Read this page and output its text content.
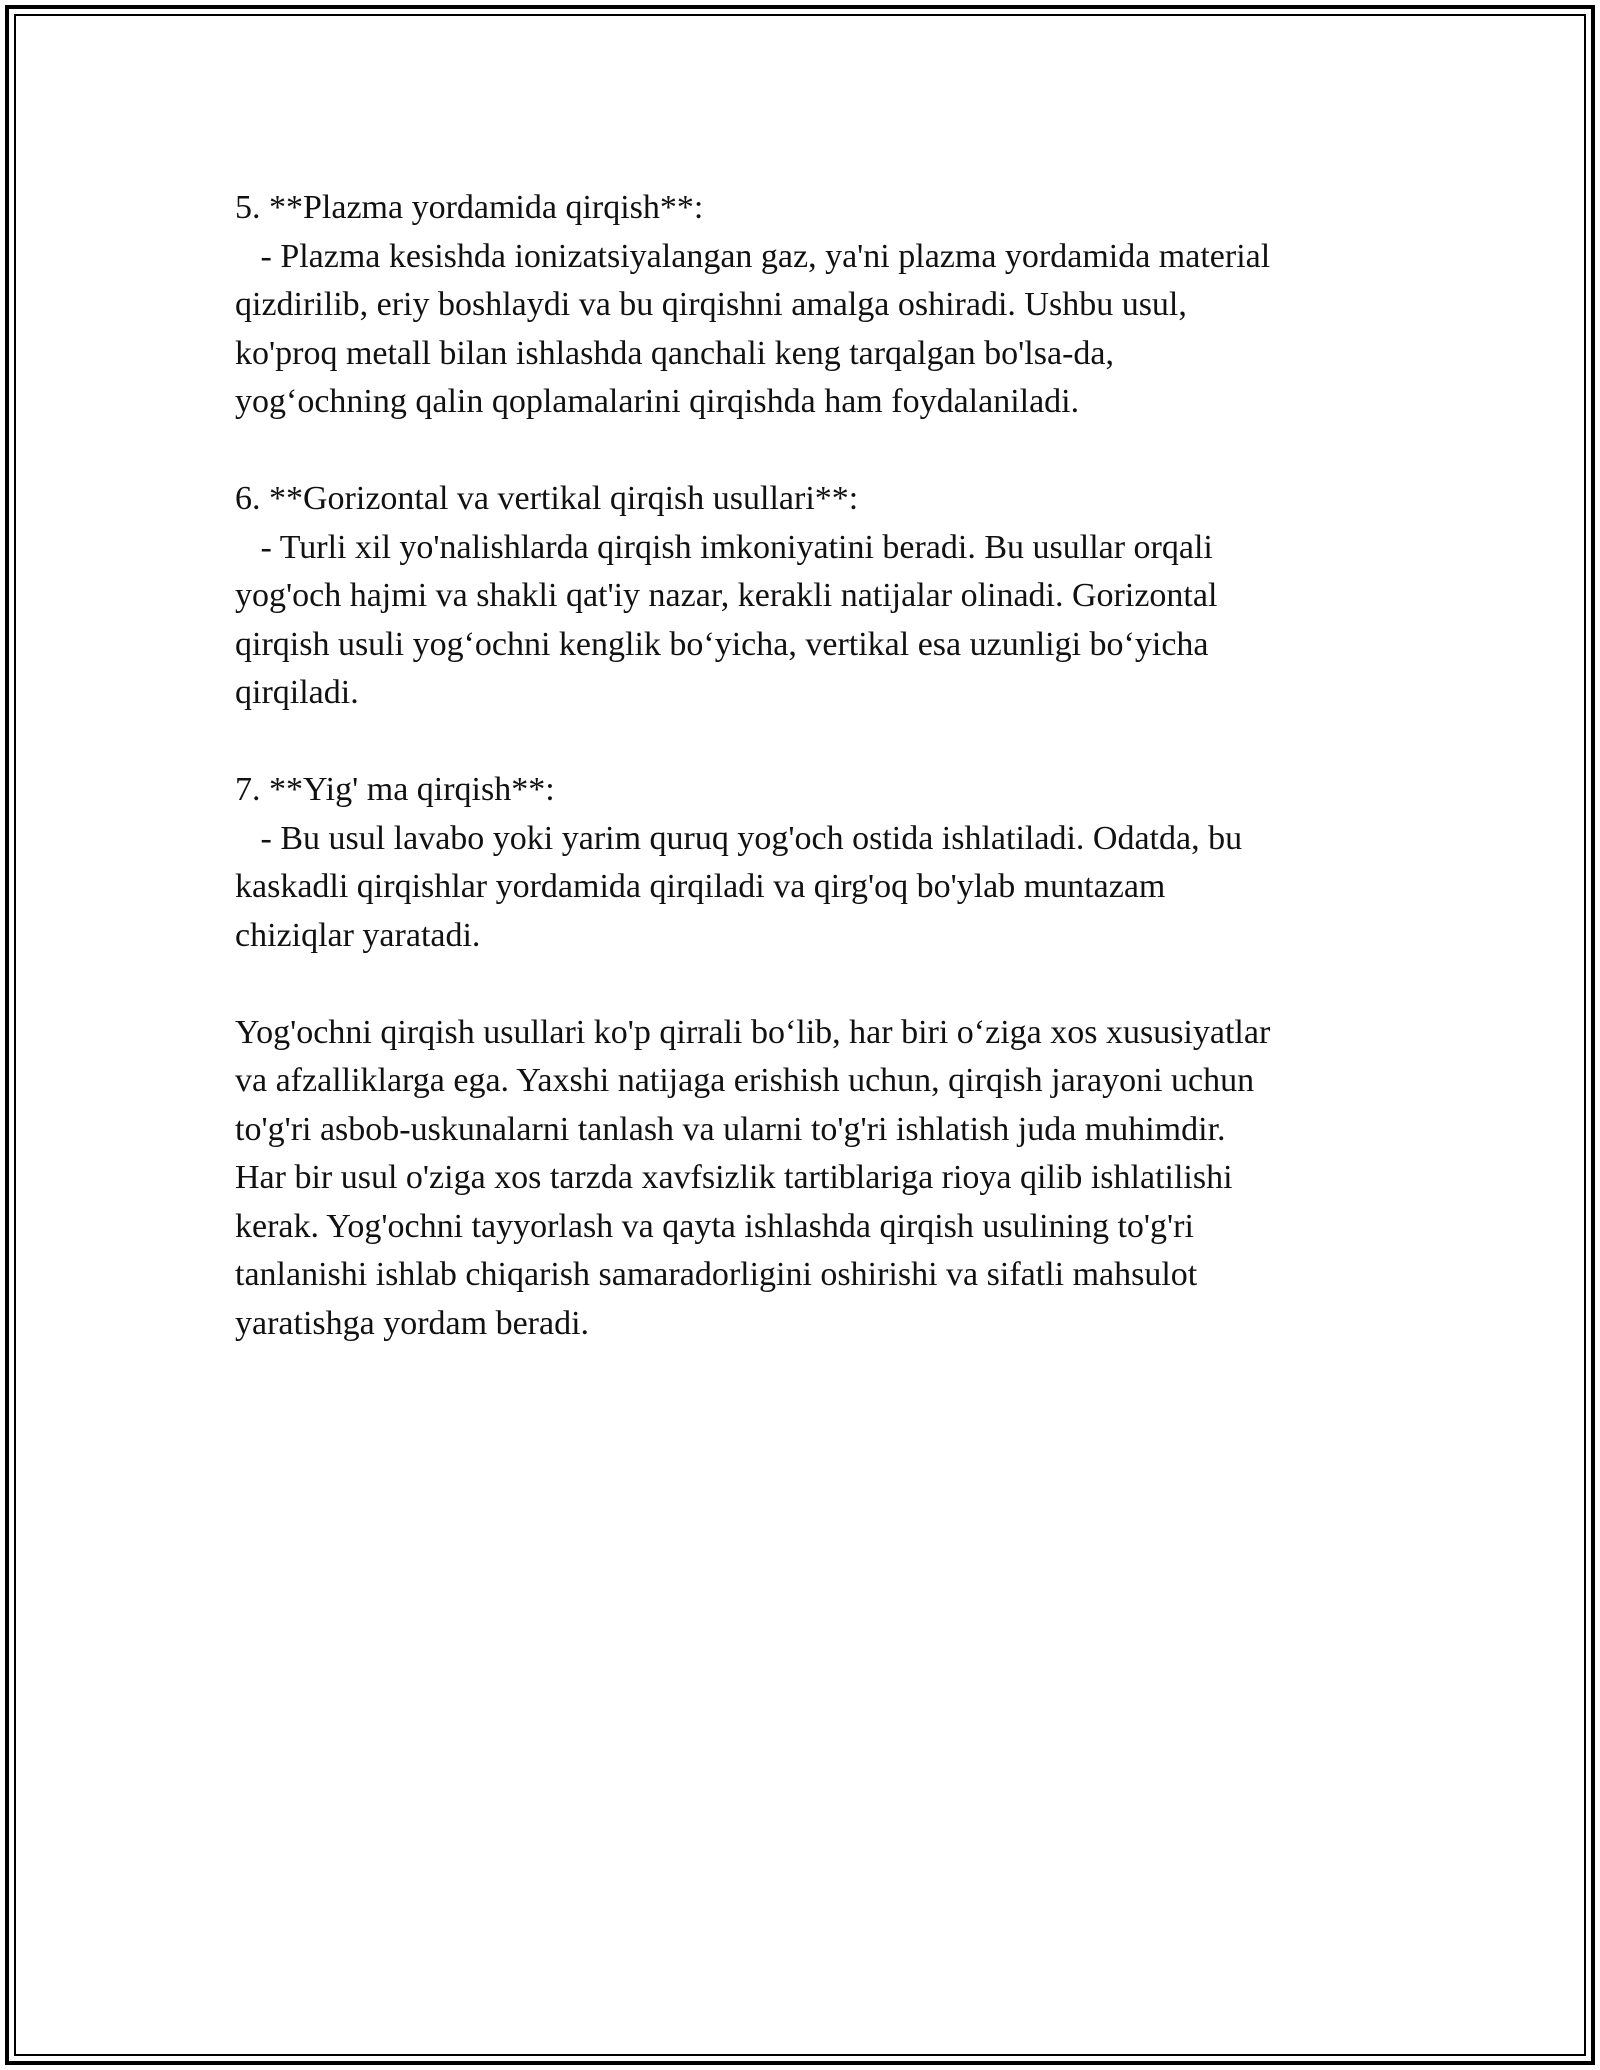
5. **Plazma yordamida qirqish**:
- Plazma kesishda ionizatsiyalangan gaz, ya'ni plazma yordamida material
qizdirilib, eriy boshlaydi va bu qirqishni amalga oshiradi. Ushbu usul,
ko'proq metall bilan ishlashda qanchali keng tarqalgan bo'lsa-da,
yog‘ochning qalin qoplamalarini qirqishda ham foydalaniladi.
6. **Gorizontal va vertikal qirqish usullari**:
- Turli xil yo'nalishlarda qirqish imkoniyatini beradi. Bu usullar orqali
yog'och hajmi va shakli qat'iy nazar, kerakli natijalar olinadi. Gorizontal
qirqish usuli yog‘ochni kenglik bo‘yicha, vertikal esa uzunligi bo‘yicha
qirqiladi.
7. **Yig' ma qirqish**:
- Bu usul lavabo yoki yarim quruq yog'och ostida ishlatiladi. Odatda, bu
kaskadli qirqishlar yordamida qirqiladi va qirg'oq bo'ylab muntazam
chiziqlar yaratadi.
Yog'ochni qirqish usullari ko'p qirrali bo‘lib, har biri o‘ziga xos xususiyatlar
va afzalliklarga ega. Yaxshi natijaga erishish uchun, qirqish jarayoni uchun
to'g'ri asbob-uskunalarni tanlash va ularni to'g'ri ishlatish juda muhimdir.
Har bir usul o'ziga xos tarzda xavfsizlik tartiblariga rioya qilib ishlatilishi
kerak. Yog'ochni tayyorlash va qayta ishlashda qirqish usulining to'g'ri
tanlanishi ishlab chiqarish samaradorligini oshirishi va sifatli mahsulot
yaratishga yordam beradi.
